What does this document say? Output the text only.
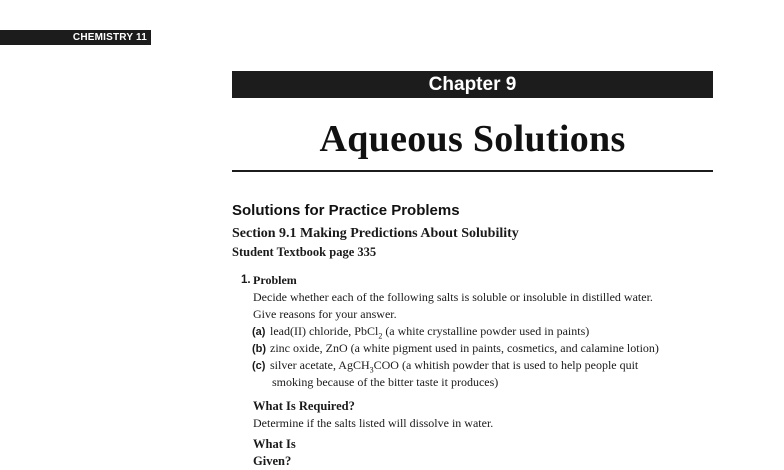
CHEMISTRY 11
Chapter 9
Aqueous Solutions
Solutions for Practice Problems
Section 9.1 Making Predictions About Solubility
Student Textbook page 335
1. Problem
Decide whether each of the following salts is soluble or insoluble in distilled water.
Give reasons for your answer.
(a) lead(II) chloride, PbCl$_2$ (a white crystalline powder used in paints)
(b) zinc oxide, ZnO (a white pigment used in paints, cosmetics, and calamine lotion)
(c) silver acetate, AgCH$_3$COO (a whitish powder that is used to help people quit
smoking because of the bitter taste it produces)
What Is Required?
Determine if the salts listed will dissolve in water.
What Is Given?
